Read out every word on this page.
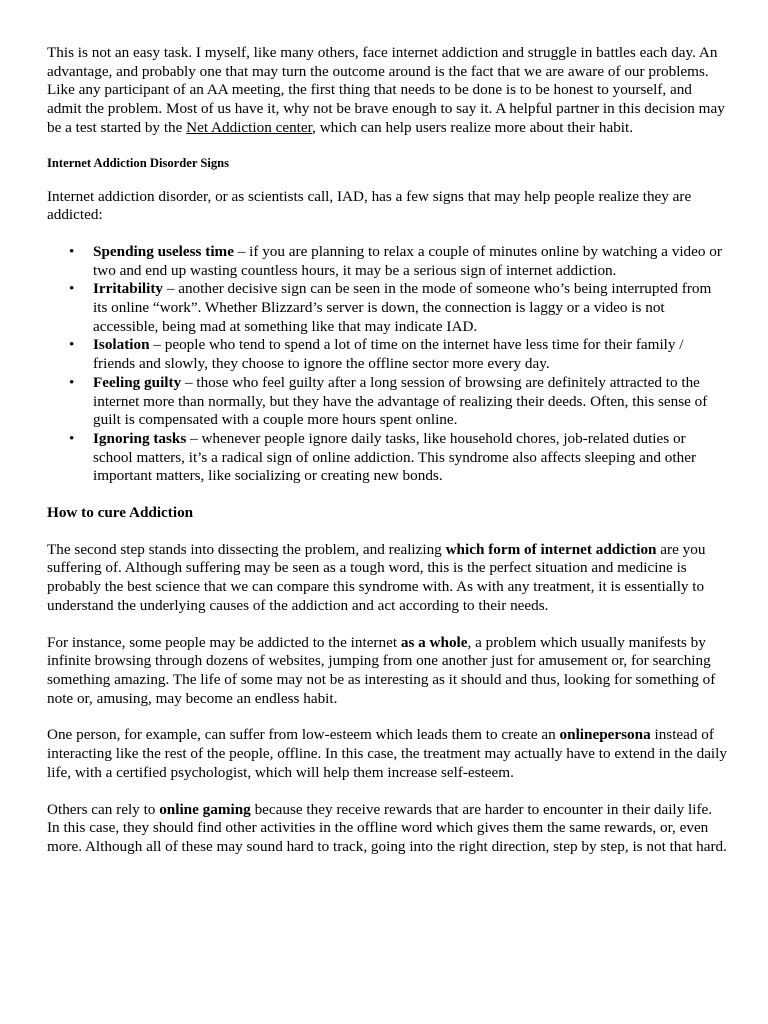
This is not an easy task. I myself, like many others, face internet addiction and struggle in battles each day. An advantage, and probably one that may turn the outcome around is the fact that we are aware of our problems. Like any participant of an AA meeting, the first thing that needs to be done is to be honest to yourself, and admit the problem. Most of us have it, why not be brave enough to say it. A helpful partner in this decision may be a test started by the Net Addiction center, which can help users realize more about their habit.

Internet Addiction Disorder Signs

Internet addiction disorder, or as scientists call, IAD, has a few signs that may help people realize they are addicted:

• Spending useless time – if you are planning to relax a couple of minutes online by watching a video or two and end up wasting countless hours, it may be a serious sign of internet addiction.
• Irritability – another decisive sign can be seen in the mode of someone who’s being interrupted from its online “work”. Whether Blizzard’s server is down, the connection is laggy or a video is not accessible, being mad at something like that may indicate IAD.
• Isolation – people who tend to spend a lot of time on the internet have less time for their family / friends and slowly, they choose to ignore the offline sector more every day.
• Feeling guilty – those who feel guilty after a long session of browsing are definitely attracted to the internet more than normally, but they have the advantage of realizing their deeds. Often, this sense of guilt is compensated with a couple more hours spent online.
• Ignoring tasks – whenever people ignore daily tasks, like household chores, job-related duties or school matters, it’s a radical sign of online addiction. This syndrome also affects sleeping and other important matters, like socializing or creating new bonds.
How to cure Addiction

The second step stands into dissecting the problem, and realizing which form of internet addiction are you suffering of. Although suffering may be seen as a tough word, this is the perfect situation and medicine is probably the best science that we can compare this syndrome with. As with any treatment, it is essentially to understand the underlying causes of the addiction and act according to their needs.

For instance, some people may be addicted to the internet as a whole, a problem which usually manifests by infinite browsing through dozens of websites, jumping from one another just for amusement or, for searching something amazing. The life of some may not be as interesting as it should and thus, looking for something of note or, amusing, may become an endless habit.

One person, for example, can suffer from low-esteem which leads them to create an onlinepersona instead of interacting like the rest of the people, offline. In this case, the treatment may actually have to extend in the daily life, with a certified psychologist, which will help them increase self-esteem.

Others can rely to online gaming because they receive rewards that are harder to encounter in their daily life. In this case, they should find other activities in the offline word which gives them the same rewards, or, even more. Although all of these may sound hard to track, going into the right direction, step by step, is not that hard.
